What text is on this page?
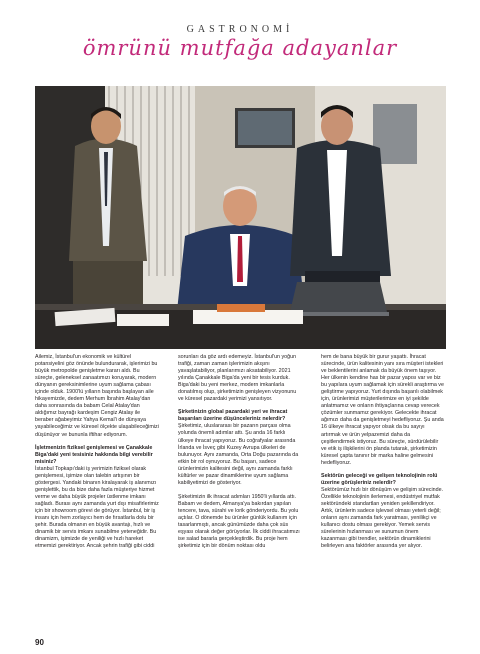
GASTRONOMİ
ömrünü mutfağa adayanlar

Ailemiz, İstanbul'un ekonomik ve kültürel potansiyelini göz önünde bulundurarak, işlerimizi bu büyük metropolde genişletme kararı aldı. Bu süreçte, geleneksel zanaatımızı koruyarak, modern dünyanın gereksinimlerine uyum sağlama çabası içinde olduk. 1900'lü yılların başında başlayan aile hikayemizde, dedem Merhum İbrahim Atalay'dan daha sonrasında da babam Celal Atalay'dan aldığımız bayrağı kardeşim Cengiz Atalay ile beraber ağabeyimiz Yahya Kemal'i de dünyaya yayabileceğimiz ve küresel ölçekte ulaşabileceğimizi düşünüyor ve bununla iftihar ediyorum.

İşletmenizin fiziksel genişlemesi ve Çanakkale Biga'daki yeni tesisiniz hakkında bilgi verebilir misiniz?

İstanbul Topkapı'daki iş yerimizin fiziksel olarak genişlemesi, işimize olan talebin artışının bir göstergesi. Yandaki binanın kiralayarak iş alanımızı genişlettik, bu da bize daha fazla müşteriye hizmet verme ve daha büyük projeler üstlenme imkanı sağladı. Burası aynı zamanda yurt dışı misafirlerimiz için bir showroom görevi de görüyor. İstanbul, bir iş insanı için hem zorlayıcı hem de fırsatlarla dolu bir şehir. Burada olmanın en büyük avantajı, hızlı ve dinamik bir servis imkanı sunabilme yeteneğidir. Bu dinamizm, işimizde de yeniliği ve hızlı hareket etmemizi gerektiriyor. Ancak şehrin trafiği gibi ciddi

sorunları da göz ardı edemeyiz. İstanbul'un yoğun trafiği, zaman zaman işlerimizin akışını yavaşlatabiliyor, planlarımızı aksatabiliyor. 2021 yılında Çanakkale Biga'da yeni bir tesis kurduk. Biga'daki bu yeni merkez, modern imkanlarla donatılmış olup, şirketimizin genişleyen vizyonunu ve küresel pazardaki yerimizi yansıtıyor.

Şirketinizin global pazardaki yeri ve ihracat başarıları üzerine düşünceleriniz nelerdir?

Şirketimiz, uluslararası bir pazarın parçası olma yolunda önemli adımlar attı. Şu anda 16 farklı ülkeye ihracat yapıyoruz. Bu coğrafyalar arasında İrlanda ve İsveç gibi Kuzey Avrupa ülkeleri de bulunuyor. Aynı zamanda, Orta Doğu pazarında da etkin bir rol oynuyoruz. Bu başarı, sadece ürünlerimizin kalitesini değil, aynı zamanda farklı kültürler ve pazar dinamiklerine uyum sağlama kabiliyetimizi de gösteriyor.

Şirketimizin ilk ihracat adımları 1950'li yıllarda attı. Babam ve dedem, Almanya'ya bakırdan yapılan tencere, tava, sürahi ve lorik gönderiyordu. Bu yolu açtılar. O dönemde bu ürünler günlük kullanım için tasarlanmıştı, ancak günümüzde daha çok süs eşyası olarak değer görüyorlar. İlk ciddi ihracatımızı ise salad bararla gerçekleştirdik. Bu proje hem şirketimiz için bir dönüm noktası oldu

hem de bana büyük bir gurur yaşattı. İhracat sürecinde, ürün kalitesinin yanı sıra müşteri istekleri ve beklentilerini anlamak da büyük önem taşıyor. Her ülkenin kendine has bir pazar yapısı var ve biz bu yapılara uyum sağlamak için sürekli araştırma ve geliştirme yapıyoruz. Yurt dışında başarılı olabilmek için, ürünlerimizi müşterilerimize en iyi şekilde anlatmamız ve onların ihtiyaçlarına cevap verecek çözümler sunmamız gerekiyor. Gelecekte ihracat ağımızı daha da genişletmeyi hedefliyoruz. Şu anda 16 ülkeye ihracat yapıyor olsak da bu sayıyı artırmak ve ürün yelpazemizi daha da çeşitlendirmek istiyoruz. Bu süreçte, sürdürülebilir ve etik iş ilişkilerini ön planda tutarak, şirketimizin küresel çapta tanınır bir marka haline gelmesini hedefliyoruz.

Sektörün geleceği ve gelişen teknolojinin rolü üzerine görüşleriniz nelerdir?

Sektörümüz hızlı bir dönüşüm ve gelişim sürecinde. Özellikle teknolojinin ilerlemesi, endüstriyel mutfak sektöründeki standartları yeniden şekillendiriyor. Artık, ürünlerin sadece işlevsel olması yeterli değil; onların aynı zamanda fark yaratması, yenilikçi ve kullanıcı dostu olması gerekiyor. Yemek servis sürelerinin hızlanması ve sunumun önem kazanması gibi trendler, sektörün dinamiklerini belirleyen ana faktörler arasında yer alıyor.

90
